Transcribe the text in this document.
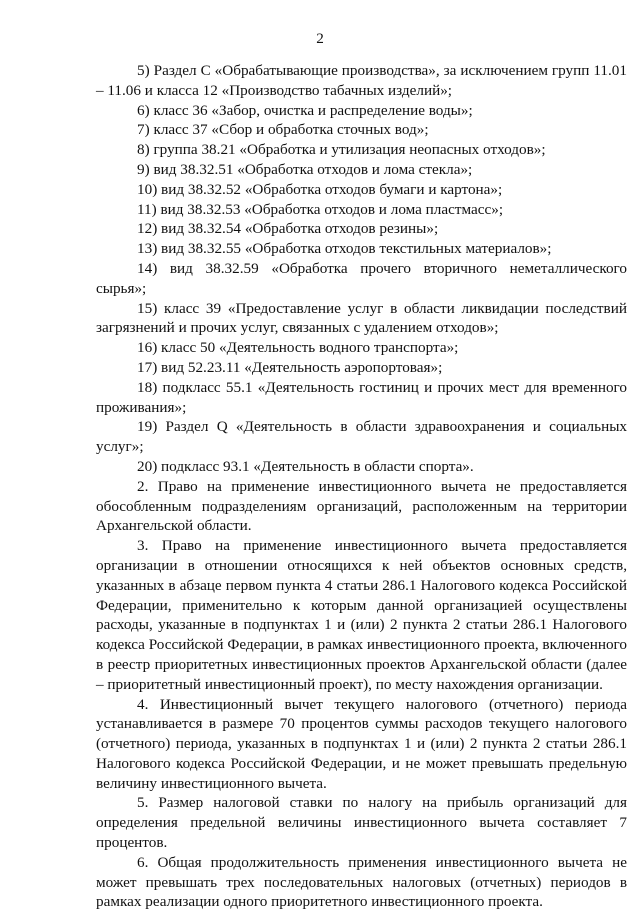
2

5) Раздел С «Обрабатывающие производства», за исключением групп 11.01 – 11.06 и класса 12 «Производство табачных изделий»;

6) класс 36 «Забор, очистка и распределение воды»;

7) класс 37 «Сбор и обработка сточных вод»;

8) группа 38.21 «Обработка и утилизация неопасных отходов»;

9) вид 38.32.51 «Обработка отходов и лома стекла»;

10) вид 38.32.52 «Обработка отходов бумаги и картона»;

11) вид 38.32.53 «Обработка отходов и лома пластмасс»;

12) вид 38.32.54 «Обработка отходов резины»;

13) вид 38.32.55 «Обработка отходов текстильных материалов»;

14) вид 38.32.59 «Обработка прочего вторичного неметаллического сырья»;

15) класс 39 «Предоставление услуг в области ликвидации последствий загрязнений и прочих услуг, связанных с удалением отходов»;

16) класс 50 «Деятельность водного транспорта»;

17) вид 52.23.11 «Деятельность аэропортовая»;

18) подкласс 55.1 «Деятельность гостиниц и прочих мест для временного проживания»;

19) Раздел Q «Деятельность в области здравоохранения и социальных услуг»;

20) подкласс 93.1 «Деятельность в области спорта».

2. Право на применение инвестиционного вычета не предоставляется обособленным подразделениям организаций, расположенным на территории Архангельской области.

3. Право на применение инвестиционного вычета предоставляется организации в отношении относящихся к ней объектов основных средств, указанных в абзаце первом пункта 4 статьи 286.1 Налогового кодекса Российской Федерации, применительно к которым данной организацией осуществлены расходы, указанные в подпунктах 1 и (или) 2 пункта 2 статьи 286.1 Налогового кодекса Российской Федерации, в рамках инвестиционного проекта, включенного в реестр приоритетных инвестиционных проектов Архангельской области (далее – приоритетный инвестиционный проект), по месту нахождения организации.

4. Инвестиционный вычет текущего налогового (отчетного) периода устанавливается в размере 70 процентов суммы расходов текущего налогового (отчетного) периода, указанных в подпунктах 1 и (или) 2 пункта 2 статьи 286.1 Налогового кодекса Российской Федерации, и не может превышать предельную величину инвестиционного вычета.

5. Размер налоговой ставки по налогу на прибыль организаций для определения предельной величины инвестиционного вычета составляет 7 процентов.

6. Общая продолжительность применения инвестиционного вычета не может превышать трех последовательных налоговых (отчетных) периодов в рамках реализации одного приоритетного инвестиционного проекта.
